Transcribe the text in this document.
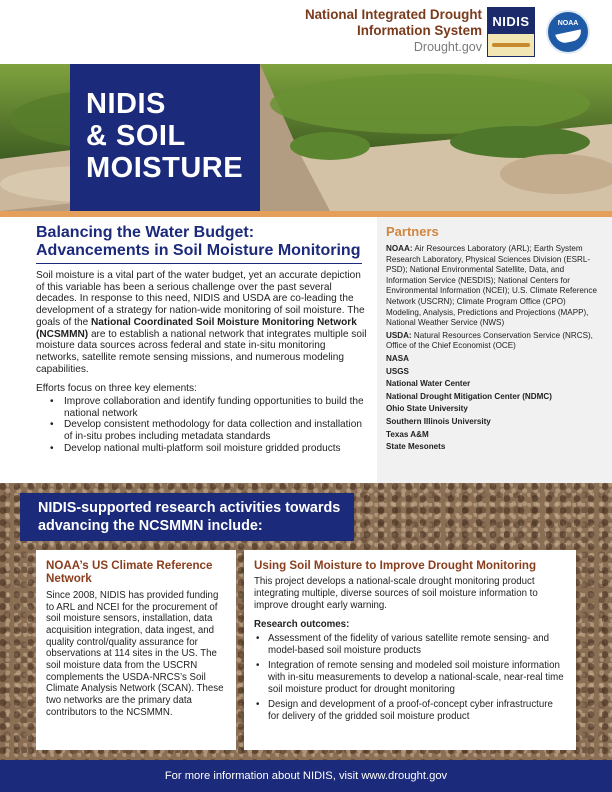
National Integrated Drought
Information System
Drought.gov
NIDIS	NOAA
NIDIS
& SOIL
MOISTURE
Balancing the Water Budget:
Advancements in Soil Moisture Monitoring

Soil moisture is a vital part of the water budget, yet an accurate depiction of this variable has been a serious challenge over the past several decades. In response to this need, NIDIS and USDA are co-leading the development of a strategy for nation-wide monitoring of soil moisture. The goals of the National Coordinated Soil Moisture Monitoring Network (NCSMMN) are to establish a national network that integrates multiple soil moisture data sources across federal and state in-situ monitoring networks, satellite remote sensing missions, and numerous modeling capabilities.

Efforts focus on three key elements:

• Improve collaboration and identify funding opportunities to build the national network
• Develop consistent methodology for data collection and installation of in-situ probes including metadata standards
• Develop national multi-platform soil moisture gridded products
Partners

NOAA: Air Resources Laboratory (ARL); Earth System Research Laboratory, Physical Sciences Division (ESRL-PSD); National Environmental Satellite, Data, and Information Service (NESDIS); National Centers for Environmental Information (NCEI); U.S. Climate Reference Network (USCRN); Climate Program Office (CPO) Modeling, Analysis, Predictions and Projections (MAPP), National Weather Service (NWS)

USDA: Natural Resources Conservation Service (NRCS), Office of the Chief Economist (OCE)

NASA

USGS

National Water Center

National Drought Mitigation Center (NDMC)

Ohio State University

Southern Illinois University

Texas A&M

State Mesonets

NIDIS-supported research activities towards
advancing the NCSMMN include:
NOAA’s US Climate Reference Network

Since 2008, NIDIS has provided funding to ARL and NCEI for the procurement of soil moisture sensors, installation, data acquisition integration, data ingest, and quality control/quality assurance for observations at 114 sites in the US. The soil moisture data from the USCRN complements the USDA-NRCS’s Soil Climate Analysis Network (SCAN). These two networks are the primary data contributors to the NCSMMN.

Using Soil Moisture to Improve Drought Monitoring

This project develops a national-scale drought monitoring product integrating multiple, diverse sources of soil moisture information to improve drought early warning.

Research outcomes:

• Assessment of the fidelity of various satellite remote sensing- and model-based soil moisture products
• Integration of remote sensing and modeled soil moisture information with in-situ measurements to develop a national-scale, near-real time soil moisture product for drought monitoring
• Design and development of a proof-of-concept cyber infrastructure for delivery of the gridded soil moisture product
For more information about NIDIS, visit www.drought.gov
